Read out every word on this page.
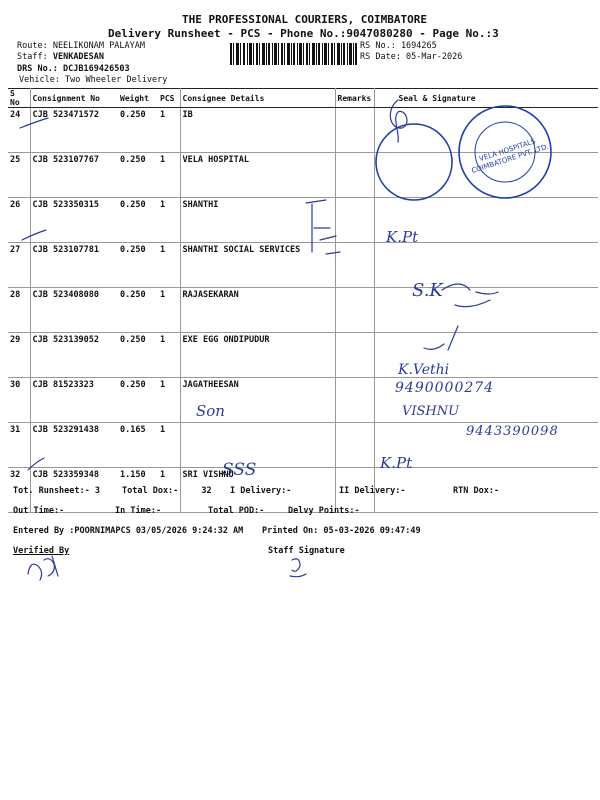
THE PROFESSIONAL COURIERS, COIMBATORE
Delivery Runsheet - PCS - Phone No.:9047080280 - Page No.:3
Route: NEELIKONAM PALAYAM
Staff: VENKADESAN
DRS No.: DCJB169426503
Vehicle: Two Wheeler Delivery
RS No.: 1694265
RS Date: 05-Mar-2026
S No	Consignment No	Weight	PCS	Consignee Details	Remarks	Seal & Signature
24	CJB 523471572	0.250	1	IB		
25	CJB 523107767	0.250	1	VELA HOSPITAL		
26	CJB 523350315	0.250	1	SHANTHI		
27	CJB 523107781	0.250	1	SHANTHI SOCIAL SERVICES		
28	CJB 523408080	0.250	1	RAJASEKARAN		
29	CJB 523139052	0.250	1	EXE EGG ONDIPUDUR		
30	CJB 81523323	0.250	1	JAGATHEESAN		
31	CJB 523291438	0.165	1			
32	CJB 523359348	1.150	1	SRI VISHNU		
VELA HOSPITALS COIMBATORE PVT. LTD.
K.Pt
S.K
K.Vethi
9490000274
VISHNU
9443390098
Son
SSS	K.Pt
Tot. Runsheet:- 3	Total Dox:-	32 I Delivery:-	II Delivery:-	RTN Dox:-
Out Time:-	In Time:-	Total POD:-	Delvy Points:-
Entered By :POORNIMAPCS 03/05/2026 9:24:32 AM Printed On: 05-03-2026 09:47:49
Verified By	Staff Signature
